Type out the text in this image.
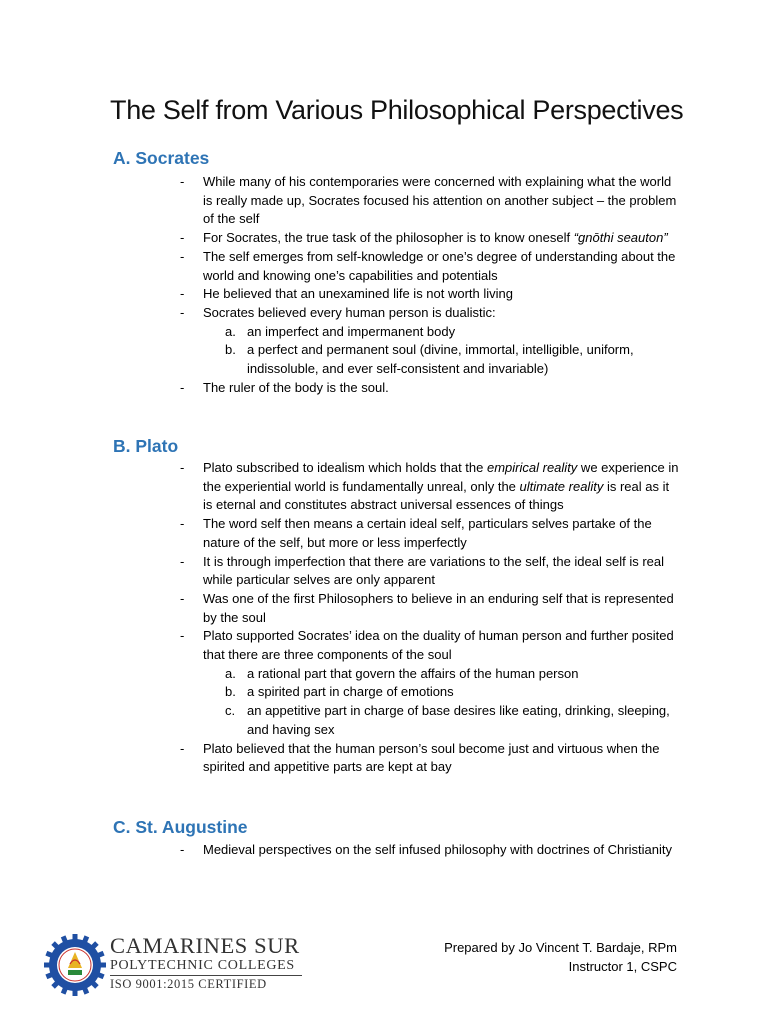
The Self from Various Philosophical Perspectives
A. Socrates
- While many of his contemporaries were concerned with explaining what the world is really made up, Socrates focused his attention on another subject – the problem of the self
- For Socrates, the true task of the philosopher is to know oneself “gnōthi seauton”
- The self emerges from self-knowledge or one’s degree of understanding about the world and knowing one’s capabilities and potentials
- He believed that an unexamined life is not worth living
- Socrates believed every human person is dualistic:
a. an imperfect and impermanent body
b. a perfect and permanent soul (divine, immortal, intelligible, uniform, indissoluble, and ever self-consistent and invariable)
- The ruler of the body is the soul.
B. Plato
- Plato subscribed to idealism which holds that the empirical reality we experience in the experiential world is fundamentally unreal, only the ultimate reality is real as it is eternal and constitutes abstract universal essences of things
- The word self then means a certain ideal self, particulars selves partake of the nature of the self, but more or less imperfectly
- It is through imperfection that there are variations to the self, the ideal self is real while particular selves are only apparent
- Was one of the first Philosophers to believe in an enduring self that is represented by the soul
- Plato supported Socrates’ idea on the duality of human person and further posited that there are three components of the soul
a. a rational part that govern the affairs of the human person
b. a spirited part in charge of emotions
c. an appetitive part in charge of base desires like eating, drinking, sleeping, and having sex
- Plato believed that the human person’s soul become just and virtuous when the spirited and appetitive parts are kept at bay
C. St. Augustine
- Medieval perspectives on the self infused philosophy with doctrines of Christianity
CAMARINES SUR
POLYTECHNIC COLLEGES
ISO 9001:2015 CERTIFIED
Prepared by Jo Vincent T. Bardaje, RPm
Instructor 1, CSPC
